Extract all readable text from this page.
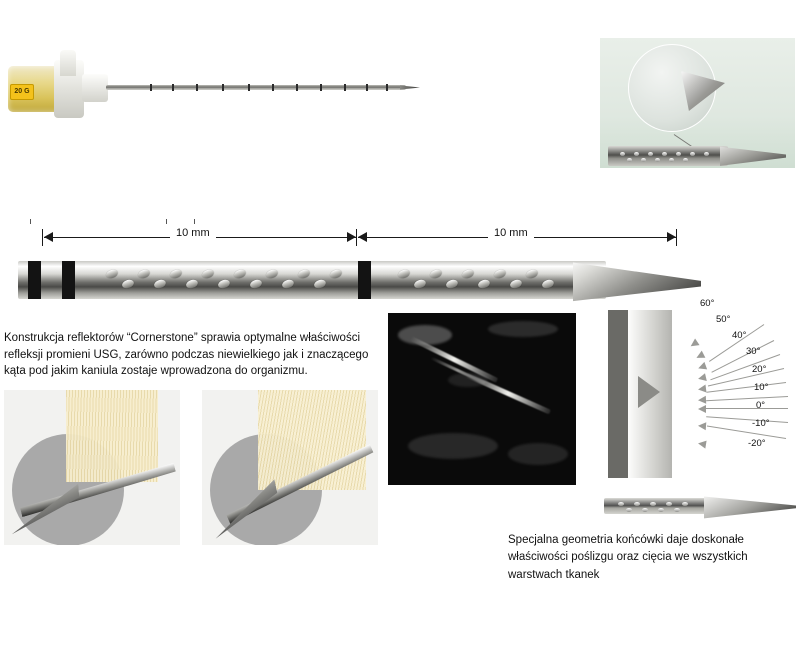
20 G
10 mm	10 mm
Konstrukcja reflektorów “Cornerstone” sprawia optymalne właściwości refleksji promieni USG, zarówno podczas niewielkiego jak i znaczącego kąta pod jakim kaniula zostaje wprowadzona do organizmu.
60°
50°
40°
30°
20°
10°
0°
-10°
-20°
Specjalna geometria końcówki daje doskonałe właściwości poślizgu oraz cięcia we wszystkich warstwach tkanek
